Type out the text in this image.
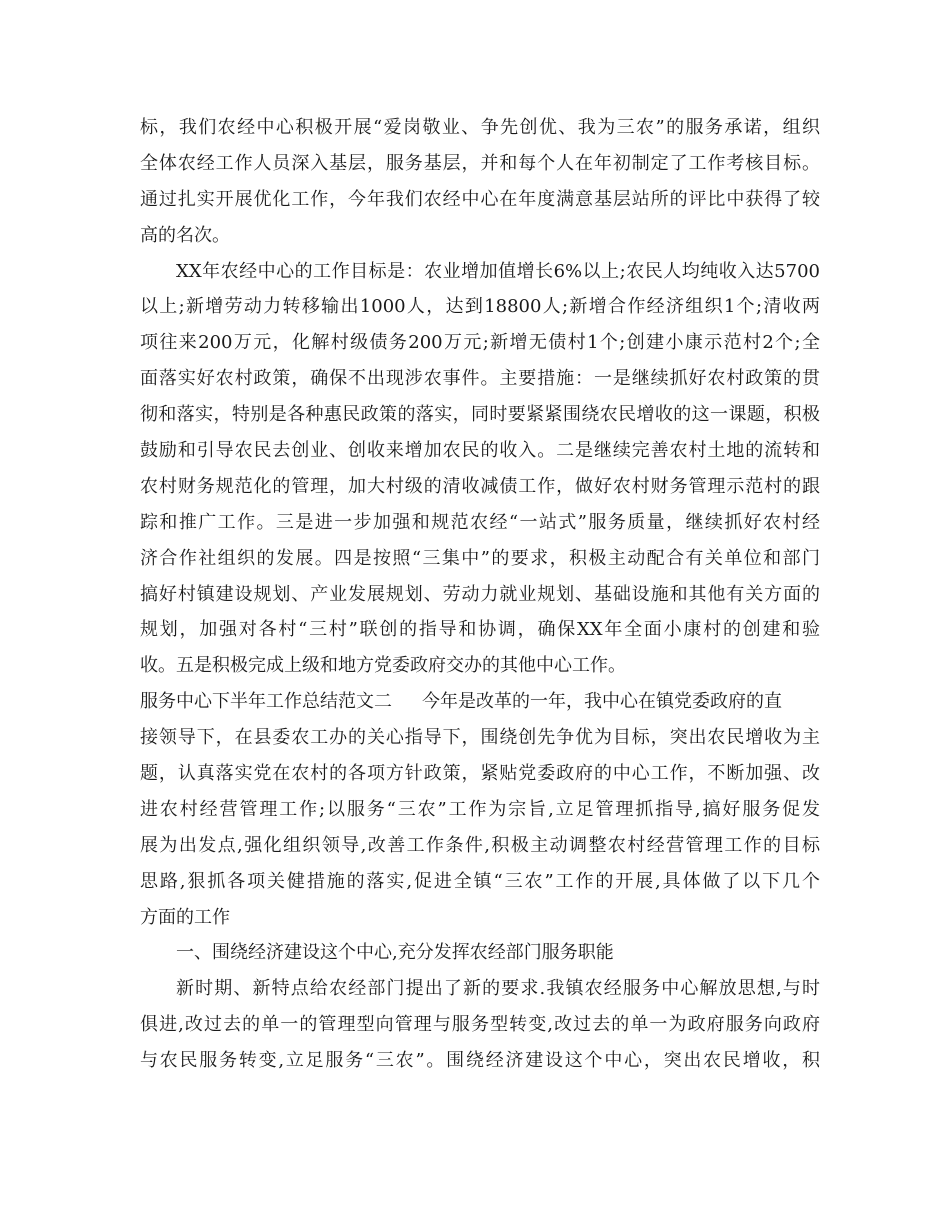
标，我们农经中心积极开展“爱岗敬业、争先创优、我为三农”的服务承诺，组织
全体农经工作人员深入基层，服务基层，并和每个人在年初制定了工作考核目标。
通过扎实开展优化工作，今年我们农经中心在年度满意基层站所的评比中获得了较
高的名次。
XX年农经中心的工作目标是：农业增加值增长6%以上;农民人均纯收入达5700
以上;新增劳动力转移输出1000人，达到18800人;新增合作经济组织1个;清收两
项往来200万元，化解村级债务200万元;新增无债村1个;创建小康示范村2个;全
面落实好农村政策，确保不出现涉农事件。主要措施：一是继续抓好农村政策的贯
彻和落实，特别是各种惠民政策的落实，同时要紧紧围绕农民增收的这一课题，积极
鼓励和引导农民去创业、创收来增加农民的收入。二是继续完善农村土地的流转和
农村财务规范化的管理，加大村级的清收减债工作，做好农村财务管理示范村的跟
踪和推广工作。三是进一步加强和规范农经“一站式”服务质量，继续抓好农村经
济合作社组织的发展。四是按照“三集中”的要求，积极主动配合有关单位和部门
搞好村镇建设规划、产业发展规划、劳动力就业规划、基础设施和其他有关方面的
规划，加强对各村“三村”联创的指导和协调，确保XX年全面小康村的创建和验
收。五是积极完成上级和地方党委政府交办的其他中心工作。
服务中心下半年工作总结范文二 今年是改革的一年，我中心在镇党委政府的直
接领导下，在县委农工办的关心指导下，围绕创先争优为目标，突出农民增收为主
题，认真落实党在农村的各项方针政策，紧贴党委政府的中心工作，不断加强、改
进农村经营管理工作;以服务“三农”工作为宗旨,立足管理抓指导,搞好服务促发
展为出发点,强化组织领导,改善工作条件,积极主动调整农村经营管理工作的目标
思路,狠抓各项关健措施的落实,促进全镇“三农”工作的开展,具体做了以下几个
方面的工作
一、围绕经济建设这个中心,充分发挥农经部门服务职能
新时期、新特点给农经部门提出了新的要求.我镇农经服务中心解放思想,与时
俱进,改过去的单一的管理型向管理与服务型转变,改过去的单一为政府服务向政府
与农民服务转变,立足服务“三农”。围绕经济建设这个中心，突出农民增收，积
